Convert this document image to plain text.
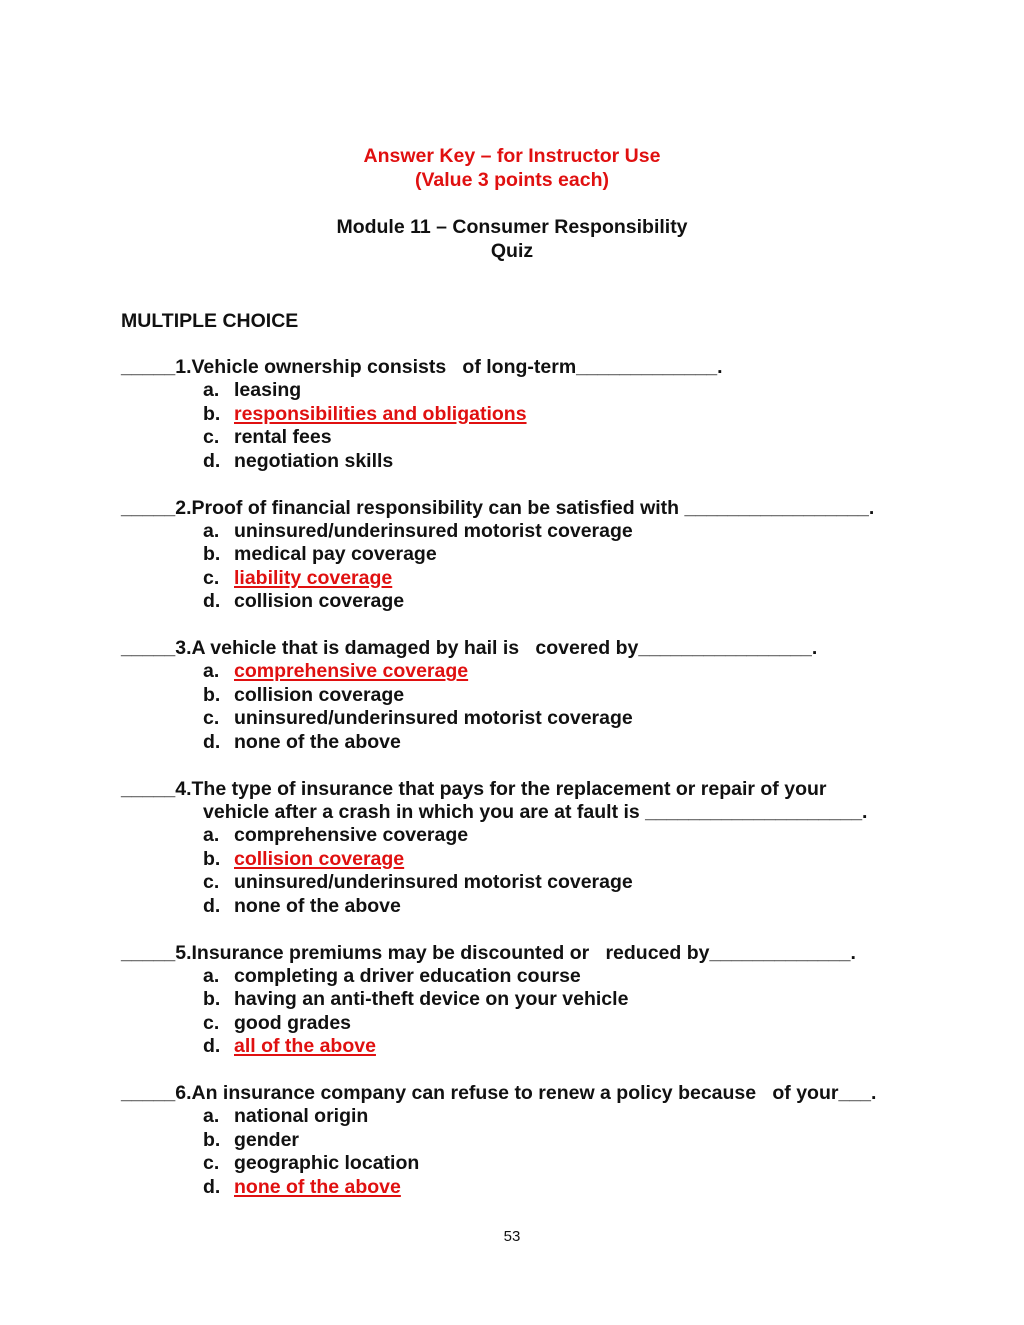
Answer Key – for Instructor Use
(Value 3 points each)
Module 11 – Consumer Responsibility
Quiz
MULTIPLE CHOICE
_____1. Vehicle ownership consists   of long-term_____________.
a. leasing
b. responsibilities and obligations
c. rental fees
d. negotiation skills
_____2. Proof of financial responsibility can be satisfied with _________________.
a. uninsured/underinsured motorist coverage
b. medical pay coverage
c. liability coverage
d. collision coverage
_____3. A vehicle that is damaged by hail is   covered by________________.
a. comprehensive coverage
b. collision coverage
c. uninsured/underinsured motorist coverage
d. none of the above
_____4. The type of insurance that pays for the replacement or repair of your
vehicle after a crash in which you are at fault is ____________________.
a. comprehensive coverage
b. collision coverage
c. uninsured/underinsured motorist coverage
d. none of the above
_____5. Insurance premiums may be discounted or   reduced by_____________.
a. completing a driver education course
b. having an anti-theft device on your vehicle
c. good grades
d. all of the above
_____6. An insurance company can refuse to renew a policy because   of your___.
a. national origin
b. gender
c. geographic location
d. none of the above
53
